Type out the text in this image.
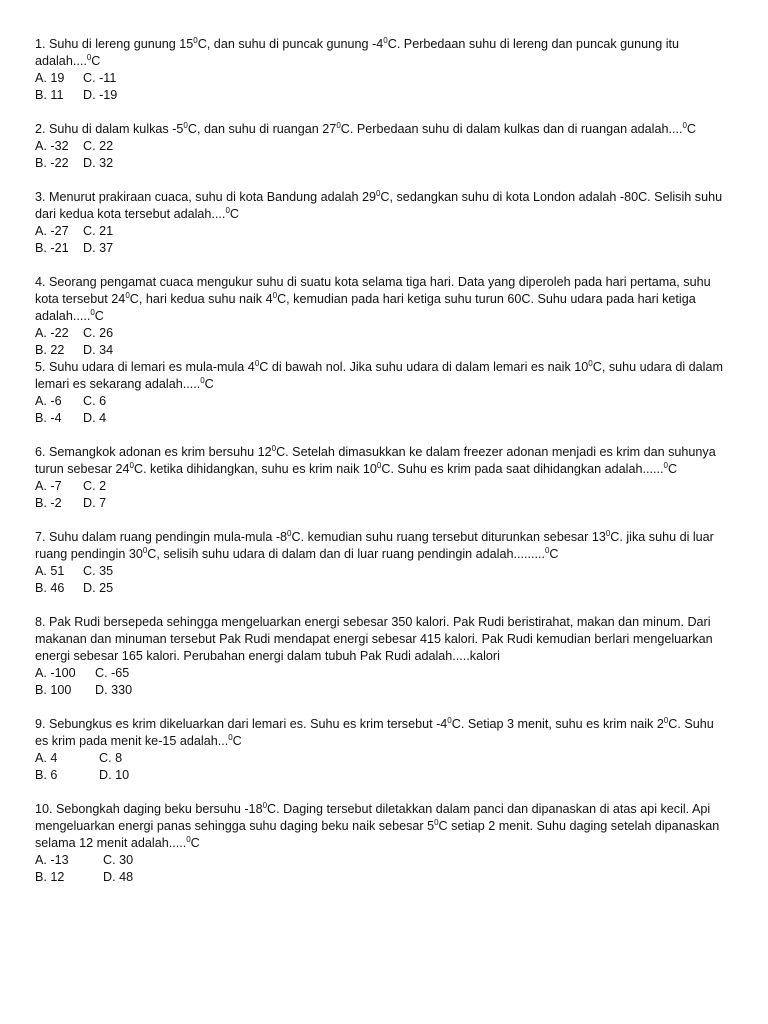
1. Suhu di lereng gunung $15^0C$, dan suhu di puncak gunung $-4^0C$. Perbedaan suhu di lereng dan puncak gunung itu adalah....$^0$C

A. 19	C. -11
B. 11	D. -19

2. Suhu di dalam kulkas $-5^0C$, dan suhu di ruangan $27^0C$. Perbedaan suhu di dalam kulkas dan di ruangan adalah....$^0$C

A. -32	C. 22
B. -22	D. 32

3. Menurut prakiraan cuaca, suhu di kota Bandung adalah $29^0C$, sedangkan suhu di kota London adalah -80C. Selisih suhu dari kedua kota tersebut adalah....$^0$C

A. -27	C. 21
B. -21	D. 37

4. Seorang pengamat cuaca mengukur suhu di suatu kota selama tiga hari. Data yang diperoleh pada hari pertama, suhu kota tersebut $24^0C$, hari kedua suhu naik $4^0C$, kemudian pada hari ketiga suhu turun 60C. Suhu udara pada hari ketiga adalah.....$^0$C

A. -22	C. 26
B. 22	D. 34

5. Suhu udara di lemari es mula-mula $4^0C$ di bawah nol. Jika suhu udara di dalam lemari es naik $10^0C$, suhu udara di dalam lemari es sekarang adalah.....$^0$C

A. -6	C. 6
B. -4	D. 4

6. Semangkok adonan es krim bersuhu $12^0C$. Setelah dimasukkan ke dalam freezer adonan menjadi es krim dan suhunya turun sebesar $24^0C$. ketika dihidangkan, suhu es krim naik $10^0C$. Suhu es krim pada saat dihidangkan adalah......$^0$C

A. -7	C. 2
B. -2	D. 7

7. Suhu dalam ruang pendingin mula-mula $-8^0C$. kemudian suhu ruang tersebut diturunkan sebesar $13^0C$. jika suhu di luar ruang pendingin $30^0C$, selisih suhu udara di dalam dan di luar ruang pendingin adalah.........$^0$C

A. 51	C. 35
B. 46	D. 25

8. Pak Rudi bersepeda sehingga mengeluarkan energi sebesar 350 kalori. Pak Rudi beristirahat, makan dan minum. Dari makanan dan minuman tersebut Pak Rudi mendapat energi sebesar 415 kalori. Pak Rudi kemudian berlari mengeluarkan energi sebesar 165 kalori. Perubahan energi dalam tubuh Pak Rudi adalah.....kalori

A. -100	C. -65
B. 100	D. 330

9. Sebungkus es krim dikeluarkan dari lemari es. Suhu es krim tersebut $-4^0C$. Setiap 3 menit, suhu es krim naik $2^0C$. Suhu es krim pada menit ke-15 adalah...$^0$C

A. 4	C. 8
B. 6	D. 10

10. Sebongkah daging beku bersuhu $-18^0C$. Daging tersebut diletakkan dalam panci dan dipanaskan di atas api kecil. Api mengeluarkan energi panas sehingga suhu daging beku naik sebesar $5^0C$ setiap 2 menit. Suhu daging setelah dipanaskan selama 12 menit adalah.....$^0$C

A. -13	C. 30
B. 12	D. 48
